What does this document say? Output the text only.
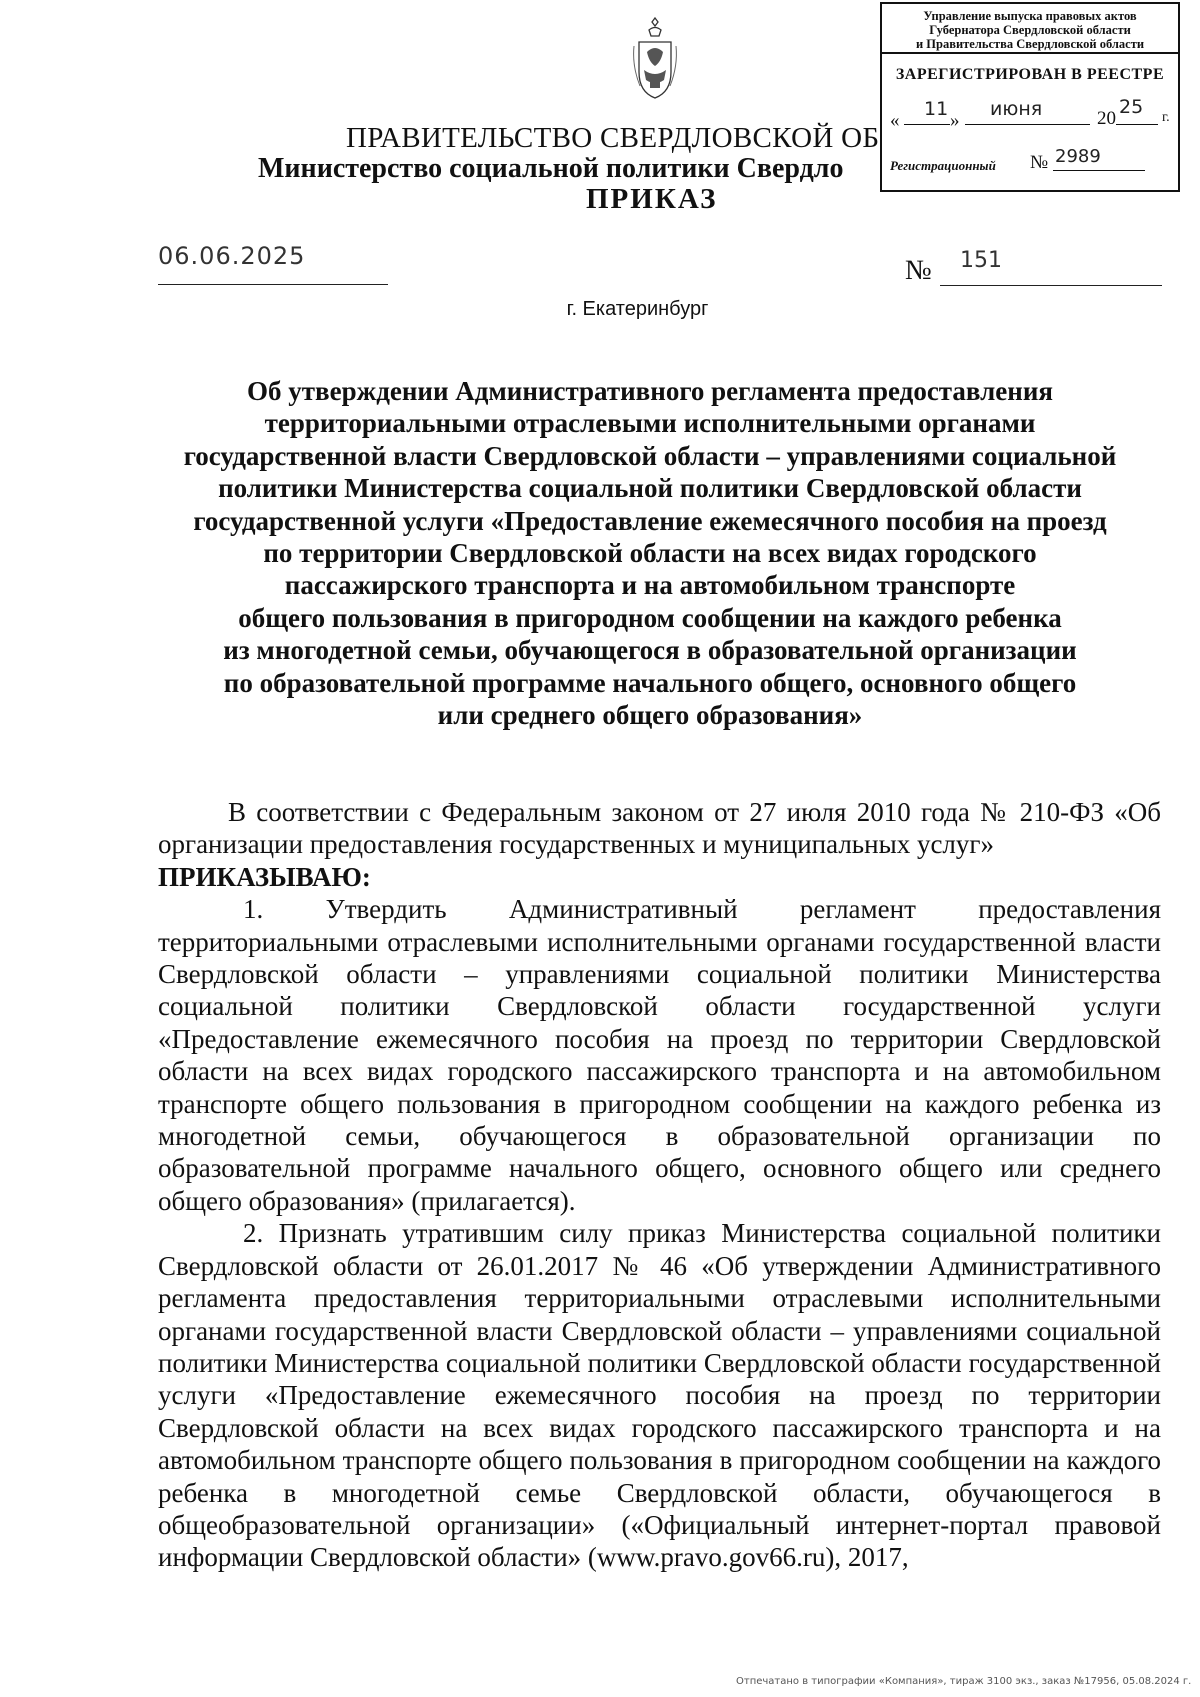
ПРАВИТЕЛЬСТВО СВЕРДЛОВСКОЙ ОБ
Министерство социальной политики Свердло
ПРИКАЗ
Управление выпуска правовых актов
Губернатора Свердловской области
и Правительства Свердловской области
ЗАРЕГИСТРИРОВАН В РЕЕСТРЕ
«
11
»
июня	20
25 г.
Регистрационный № 2989
06.06.2025	№ 151
г. Екатеринбург
Об утверждении Административного регламента предоставления
территориальными отраслевыми исполнительными органами
государственной власти Свердловской области – управлениями социальной
политики Министерства социальной политики Свердловской области
государственной услуги «Предоставление ежемесячного пособия на проезд
по территории Свердловской области на всех видах городского
пассажирского транспорта и на автомобильном транспорте
общего пользования в пригородном сообщении на каждого ребенка
из многодетной семьи, обучающегося в образовательной организации
по образовательной программе начального общего, основного общего
или среднего общего образования»

В соответствии с Федеральным законом от 27 июля 2010 года № 210-ФЗ «Об организации предоставления государственных и муниципальных услуг»

ПРИКАЗЫВАЮ:

1. Утвердить Административный регламент предоставления территориальными отраслевыми исполнительными органами государственной власти Свердловской области – управлениями социальной политики Министерства социальной политики Свердловской области государственной услуги «Предоставление ежемесячного пособия на проезд по территории Свердловской области на всех видах городского пассажирского транспорта и на автомобильном транспорте общего пользования в пригородном сообщении на каждого ребенка из многодетной семьи, обучающегося в образовательной организации по образовательной программе начального общего, основного общего или среднего общего образования» (прилагается).

2. Признать утратившим силу приказ Министерства социальной политики Свердловской области от 26.01.2017 № 46 «Об утверждении Административного регламента предоставления территориальными отраслевыми исполнительными органами государственной власти Свердловской области – управлениями социальной политики Министерства социальной политики Свердловской области государственной услуги «Предоставление ежемесячного пособия на проезд по территории Свердловской области на всех видах городского пассажирского транспорта и на автомобильном транспорте общего пользования в пригородном сообщении на каждого ребенка в многодетной семье Свердловской области, обучающегося в общеобразовательной организации» («Официальный интернет-портал правовой информации Свердловской области» (www.pravo.gov66.ru), 2017,

Отпечатано в типографии «Компания», тираж 3100 экз., заказ №17956, 05.08.2024 г.
